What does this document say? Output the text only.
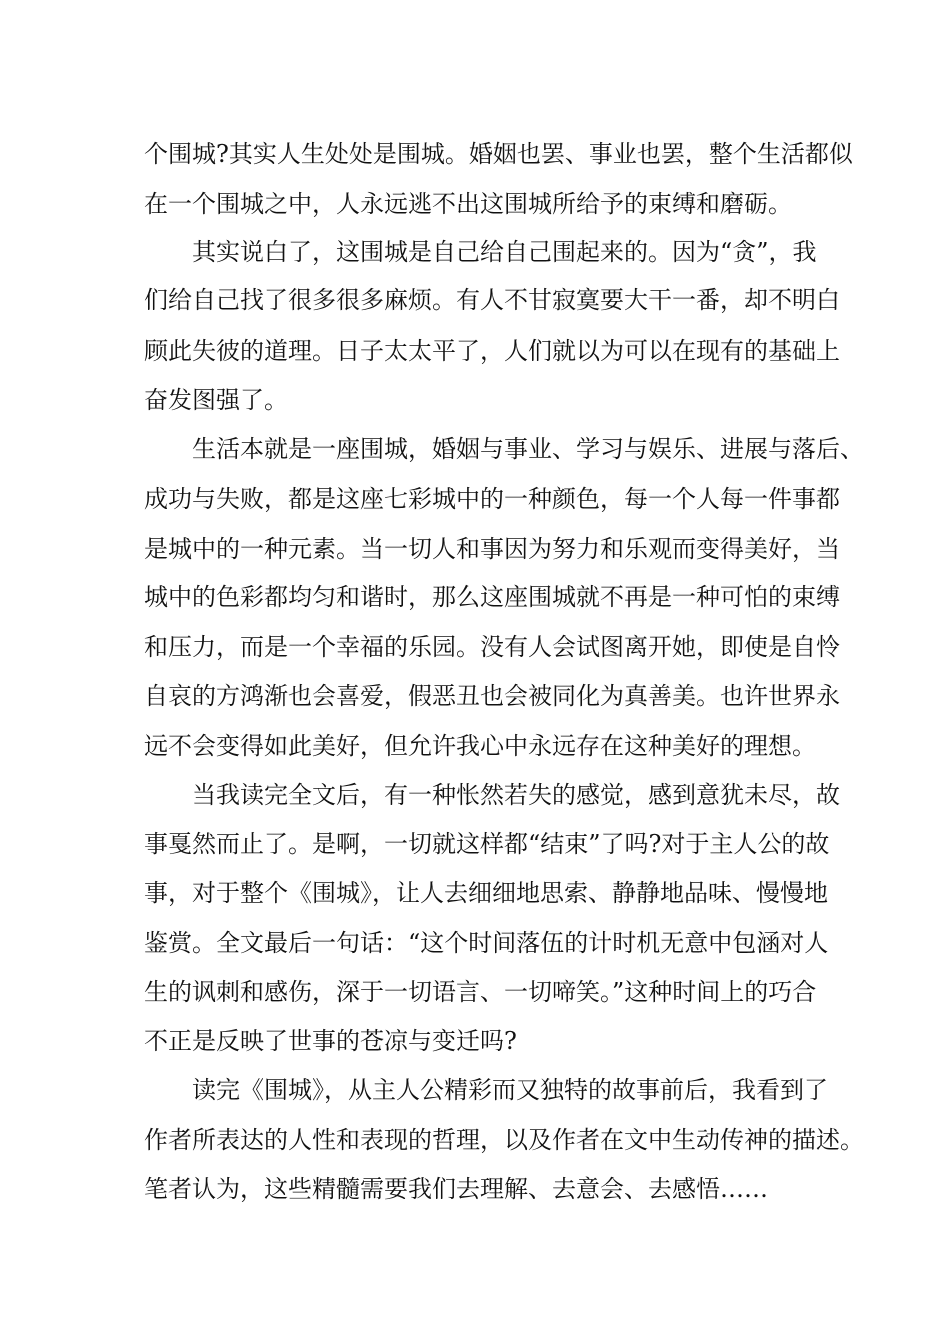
个围城?其实人生处处是围城。婚姻也罢、事业也罢，整个生活都似
在一个围城之中，人永远逃不出这围城所给予的束缚和磨砺。
其实说白了，这围城是自己给自己围起来的。因为“贪”，我
们给自己找了很多很多麻烦。有人不甘寂寞要大干一番，却不明白
顾此失彼的道理。日子太太平了，人们就以为可以在现有的基础上
奋发图强了。
生活本就是一座围城，婚姻与事业、学习与娱乐、进展与落后、
成功与失败，都是这座七彩城中的一种颜色，每一个人每一件事都
是城中的一种元素。当一切人和事因为努力和乐观而变得美好，当
城中的色彩都均匀和谐时，那么这座围城就不再是一种可怕的束缚
和压力，而是一个幸福的乐园。没有人会试图离开她，即使是自怜
自哀的方鸿渐也会喜爱，假恶丑也会被同化为真善美。也许世界永
远不会变得如此美好，但允许我心中永远存在这种美好的理想。
当我读完全文后，有一种怅然若失的感觉，感到意犹未尽，故
事戛然而止了。是啊，一切就这样都“结束”了吗?对于主人公的故
事，对于整个《围城》，让人去细细地思索、静静地品味、慢慢地
鉴赏。全文最后一句话：“这个时间落伍的计时机无意中包涵对人
生的讽刺和感伤，深于一切语言、一切啼笑。”这种时间上的巧合
不正是反映了世事的苍凉与变迁吗?
读完《围城》，从主人公精彩而又独特的故事前后，我看到了
作者所表达的人性和表现的哲理，以及作者在文中生动传神的描述。
笔者认为，这些精髓需要我们去理解、去意会、去感悟……
